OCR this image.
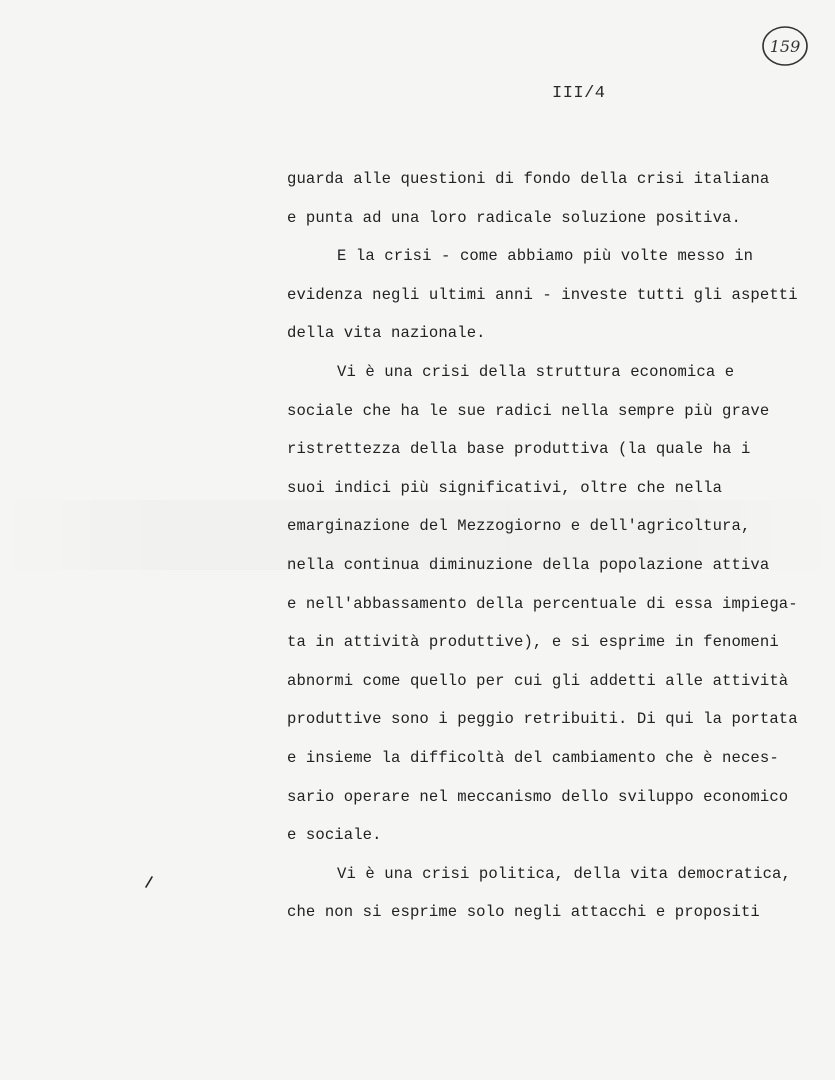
159
III/4
guarda alle questioni di fondo della crisi italiana
e punta ad una loro radicale soluzione positiva.
E la crisi - come abbiamo più volte messo in
evidenza negli ultimi anni - investe tutti gli aspetti
della vita nazionale.
Vi è una crisi della struttura economica e
sociale che ha le sue radici nella sempre più grave
ristrettezza della base produttiva (la quale ha i
suoi indici più significativi, oltre che nella
emarginazione del Mezzogiorno e dell'agricoltura,
nella continua diminuzione della popolazione attiva
e nell'abbassamento della percentuale di essa impiega-
ta in attività produttive), e si esprime in fenomeni
abnormi come quello per cui gli addetti alle attività
produttive sono i peggio retribuiti. Di qui la portata
e insieme la difficoltà del cambiamento che è neces-
sario operare nel meccanismo dello sviluppo economico
e sociale.
Vi è una crisi politica, della vita democratica,
che non si esprime solo negli attacchi e propositi
